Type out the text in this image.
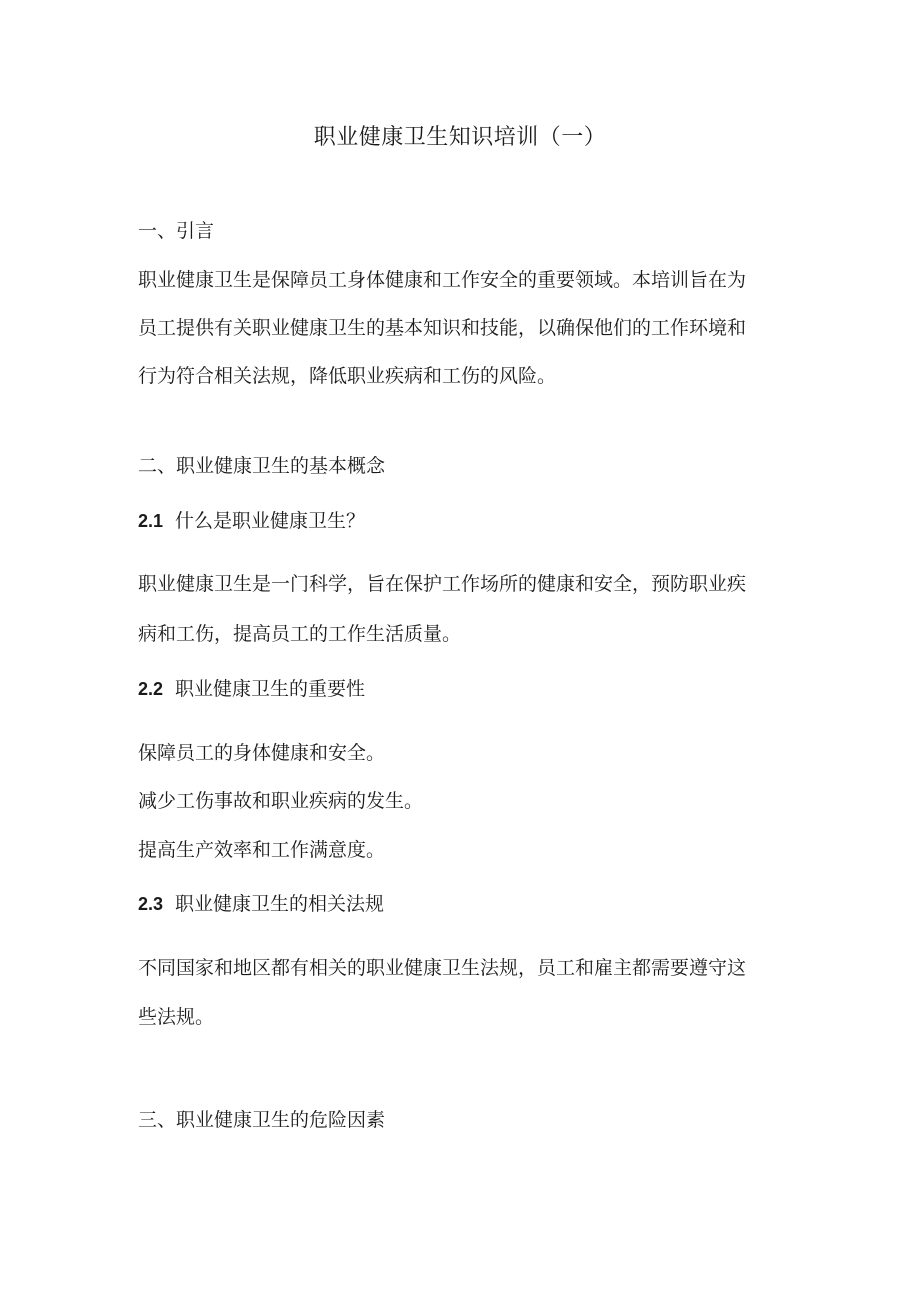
职业健康卫生知识培训（一）
一、引言
职业健康卫生是保障员工身体健康和工作安全的重要领域。本培训旨在为
员工提供有关职业健康卫生的基本知识和技能，以确保他们的工作环境和
行为符合相关法规，降低职业疾病和工伤的风险。
二、职业健康卫生的基本概念
2.1 什么是职业健康卫生？
职业健康卫生是一门科学，旨在保护工作场所的健康和安全，预防职业疾
病和工伤，提高员工的工作生活质量。
2.2 职业健康卫生的重要性
保障员工的身体健康和安全。
减少工伤事故和职业疾病的发生。
提高生产效率和工作满意度。
2.3 职业健康卫生的相关法规
不同国家和地区都有相关的职业健康卫生法规，员工和雇主都需要遵守这
些法规。
三、职业健康卫生的危险因素
